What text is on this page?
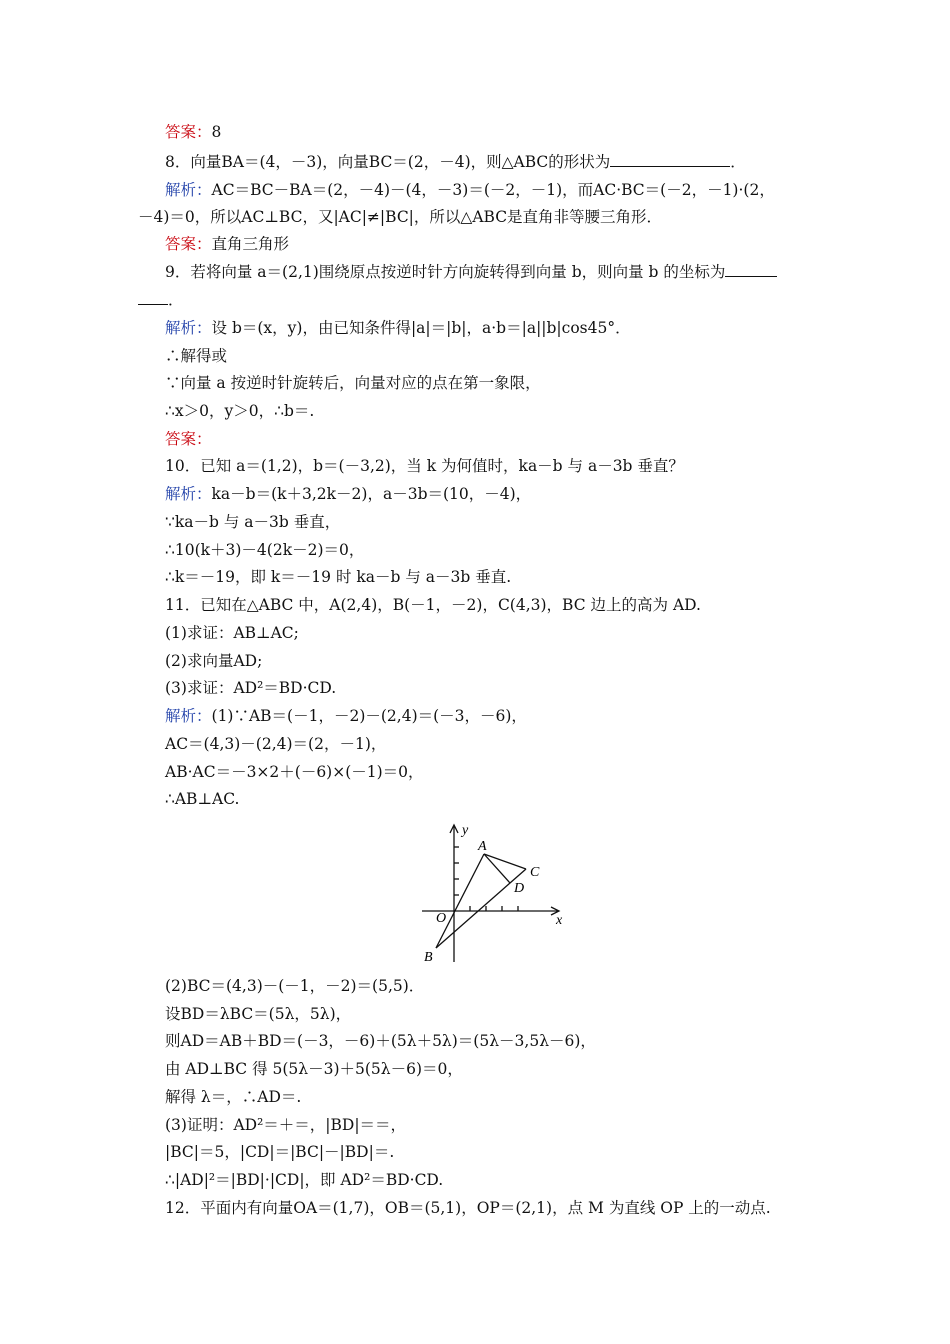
答案：8
8．向量BA＝(4，－3)，向量BC＝(2，－4)，则△ABC的形状为	．
解析：AC＝BC－BA＝(2，－4)－(4，－3)＝(－2，－1)，而AC·BC＝(－2，－1)·(2，
－4)＝0，所以AC⊥BC，又|AC|≠|BC|，所以△ABC是直角非等腰三角形．
答案：直角三角形
9．若将向量 a＝(2,1)围绕原点按逆时针方向旋转得到向量 b，则向量 b 的坐标为
．
解析：设 b＝(x，y)，由已知条件得|a|＝|b|，a·b＝|a||b|cos45°．
∴解得或
∵向量 a 按逆时针旋转后，向量对应的点在第一象限，
∴x＞0，y＞0，∴b＝.
答案：
10．已知 a＝(1,2)，b＝(－3,2)，当 k 为何值时，ka－b 与 a－3b 垂直？
解析：ka－b＝(k＋3,2k－2)，a－3b＝(10，－4)，
∵ka－b 与 a－3b 垂直，
∴10(k＋3)－4(2k－2)＝0，
∴k＝－19，即 k＝－19 时 ka－b 与 a－3b 垂直.
11．已知在△ABC 中，A(2,4)，B(－1，－2)，C(4,3)，BC 边上的高为 AD.
(1)求证：AB⊥AC;
(2)求向量AD;
(3)求证：AD²＝BD·CD.
解析：(1)∵AB＝(－1，－2)－(2,4)＝(－3，－6)，
AC＝(4,3)－(2,4)＝(2，－1)，
AB·AC＝－3×2＋(－6)×(－1)＝0，
∴AB⊥AC.
(2)BC＝(4,3)－(－1，－2)＝(5,5)．
设BD＝λBC＝(5λ，5λ)，
则AD＝AB＋BD＝(－3，－6)＋(5λ＋5λ)＝(5λ－3,5λ－6)，
由 AD⊥BC 得 5(5λ－3)＋5(5λ－6)＝0，
解得 λ＝，∴AD＝.
(3)证明：AD²＝＋＝，|BD|＝＝，
|BC|＝5，|CD|＝|BC|－|BD|＝.
∴|AD|²＝|BD|·|CD|，即 AD²＝BD·CD.
12．平面内有向量OA＝(1,7)，OB＝(5,1)，OP＝(2,1)，点 M 为直线 OP 上的一动点.
y
x
A
C
D
O
B
